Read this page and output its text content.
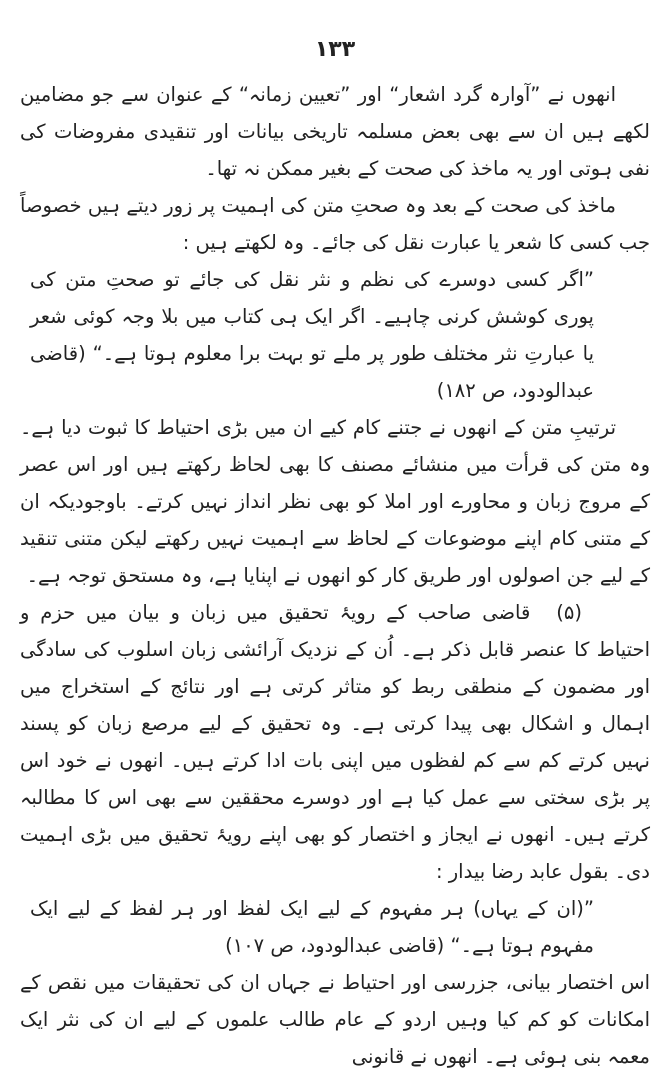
۱۳۳

انھوں نے ”آوارہ گرد اشعار“ اور ”تعیین زمانہ“ کے عنوان سے جو مضامین لکھے ہیں ان سے بھی بعض مسلمہ تاریخی بیانات اور تنقیدی مفروضات کی نفی ہوتی اور یہ ماخذ کی صحت کے بغیر ممکن نہ تھا۔

ماخذ کی صحت کے بعد وہ صحتِ متن کی اہمیت پر زور دیتے ہیں خصوصاً جب کسی کا شعر یا عبارت نقل کی جائے۔ وہ لکھتے ہیں :

”اگر کسی دوسرے کی نظم و نثر نقل کی جائے تو صحتِ متن کی پوری کوشش کرنی چاہیے۔ اگر ایک ہی کتاب میں بلا وجہ کوئی شعر یا عبارتِ نثر مختلف طور پر ملے تو بہت برا معلوم ہوتا ہے۔“ (قاضی عبدالودود، ص ۱۸۲)

ترتیبِ متن کے انھوں نے جتنے کام کیے ان میں بڑی احتیاط کا ثبوت دیا ہے۔ وہ متن کی قرأت میں منشائے مصنف کا بھی لحاظ رکھتے ہیں اور اس عصر کے مروج زبان و محاورے اور املا کو بھی نظر انداز نہیں کرتے۔ باوجودیکہ ان کے متنی کام اپنے موضوعات کے لحاظ سے اہمیت نہیں رکھتے لیکن متنی تنقید کے لیے جن اصولوں اور طریق کار کو انھوں نے اپنایا ہے، وہ مستحق توجہ ہے۔

(۵)قاضی صاحب کے رویۂ تحقیق میں زبان و بیان میں حزم و احتیاط کا عنصر قابل ذکر ہے۔ اُن کے نزدیک آرائشی زبان اسلوب کی سادگی اور مضمون کے منطقی ربط کو متاثر کرتی ہے اور نتائج کے استخراج میں اہمال و اشکال بھی پیدا کرتی ہے۔ وہ تحقیق کے لیے مرصع زبان کو پسند نہیں کرتے کم سے کم لفظوں میں اپنی بات ادا کرتے ہیں۔ انھوں نے خود اس پر بڑی سختی سے عمل کیا ہے اور دوسرے محققین سے بھی اس کا مطالبہ کرتے ہیں۔ انھوں نے ایجاز و اختصار کو بھی اپنے رویۂ تحقیق میں بڑی اہمیت دی۔ بقول عابد رضا بیدار :

”(ان کے یہاں) ہر مفہوم کے لیے ایک لفظ اور ہر لفظ کے لیے ایک مفہوم ہوتا ہے۔“ (قاضی عبدالودود، ص ۱۰۷)

اس اختصار بیانی، جزرسی اور احتیاط نے جہاں ان کی تحقیقات میں نقص کے امکانات کو کم کیا وہیں اردو کے عام طالب علموں کے لیے ان کی نثر ایک معمہ بنی ہوئی ہے۔ انھوں نے قانونی
